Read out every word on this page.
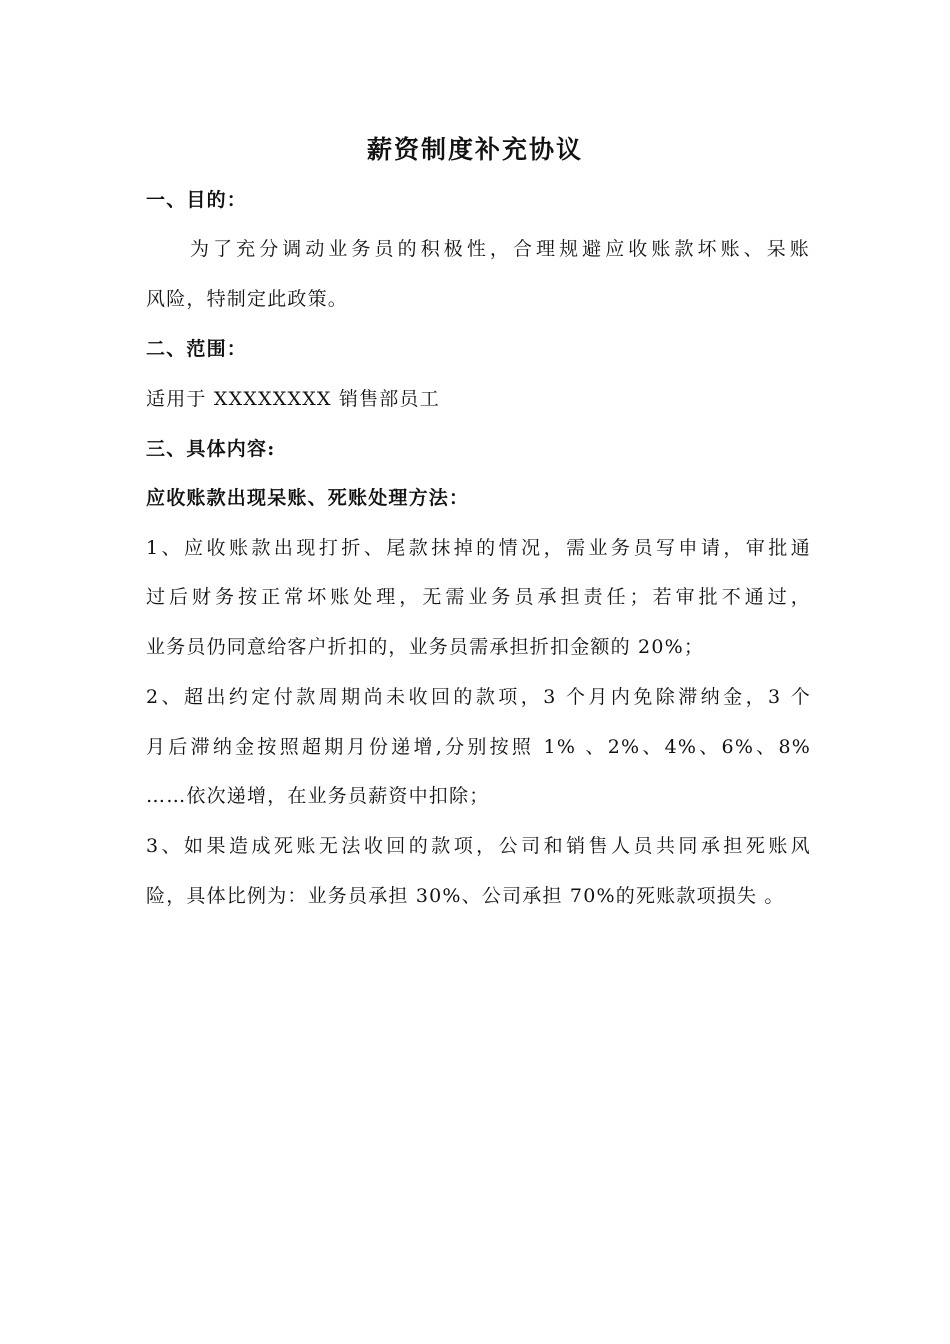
薪资制度补充协议
一、目的：
为了充分调动业务员的积极性，合理规避应收账款坏账、呆账
风险，特制定此政策。
二、范围：
适用于 XXXXXXXX 销售部员工
三、具体内容:
应收账款出现呆账、死账处理方法：
1、应收账款出现打折、尾款抹掉的情况，需业务员写申请，审批通
过后财务按正常坏账处理，无需业务员承担责任；若审批不通过，
业务员仍同意给客户折扣的，业务员需承担折扣金额的 20%；
2、超出约定付款周期尚未收回的款项，3 个月内免除滞纳金，3 个
月后滞纳金按照超期月份递增,分别按照 1% 、2%、4%、6%、8%
……依次递增，在业务员薪资中扣除；
3、如果造成死账无法收回的款项，公司和销售人员共同承担死账风
险，具体比例为：业务员承担 30%、公司承担 70%的死账款项损失 。
